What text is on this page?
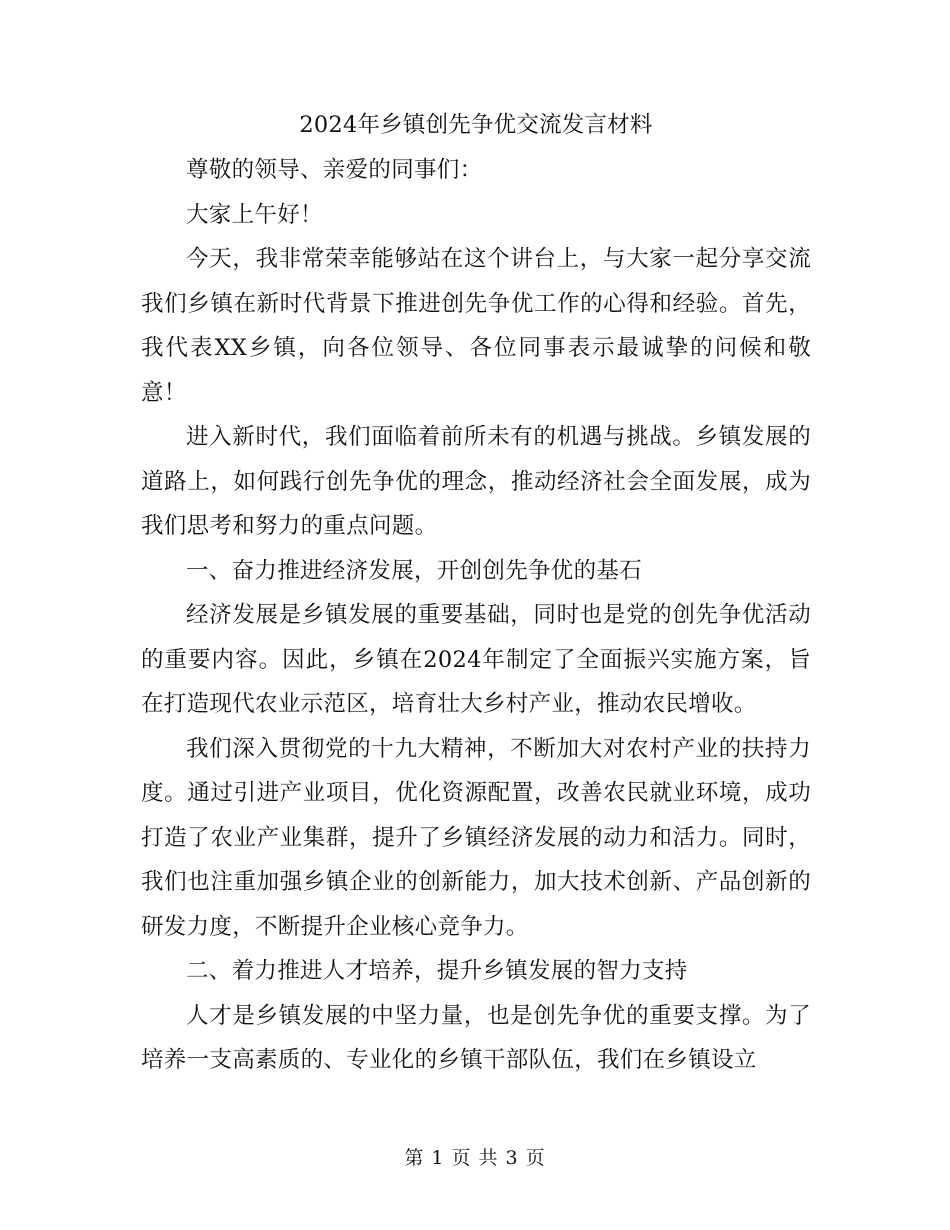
2024年乡镇创先争优交流发言材料

尊敬的领导、亲爱的同事们：

大家上午好！

今天，我非常荣幸能够站在这个讲台上，与大家一起分享交流我们乡镇在新时代背景下推进创先争优工作的心得和经验。首先，我代表XX乡镇，向各位领导、各位同事表示最诚挚的问候和敬意！

进入新时代，我们面临着前所未有的机遇与挑战。乡镇发展的道路上，如何践行创先争优的理念，推动经济社会全面发展，成为我们思考和努力的重点问题。

一、奋力推进经济发展，开创创先争优的基石

经济发展是乡镇发展的重要基础，同时也是党的创先争优活动的重要内容。因此，乡镇在2024年制定了全面振兴实施方案，旨在打造现代农业示范区，培育壮大乡村产业，推动农民增收。

我们深入贯彻党的十九大精神，不断加大对农村产业的扶持力度。通过引进产业项目，优化资源配置，改善农民就业环境，成功打造了农业产业集群，提升了乡镇经济发展的动力和活力。同时，我们也注重加强乡镇企业的创新能力，加大技术创新、产品创新的研发力度，不断提升企业核心竞争力。

二、着力推进人才培养，提升乡镇发展的智力支持

人才是乡镇发展的中坚力量，也是创先争优的重要支撑。为了培养一支高素质的、专业化的乡镇干部队伍，我们在乡镇设立

第 1 页 共 3 页
